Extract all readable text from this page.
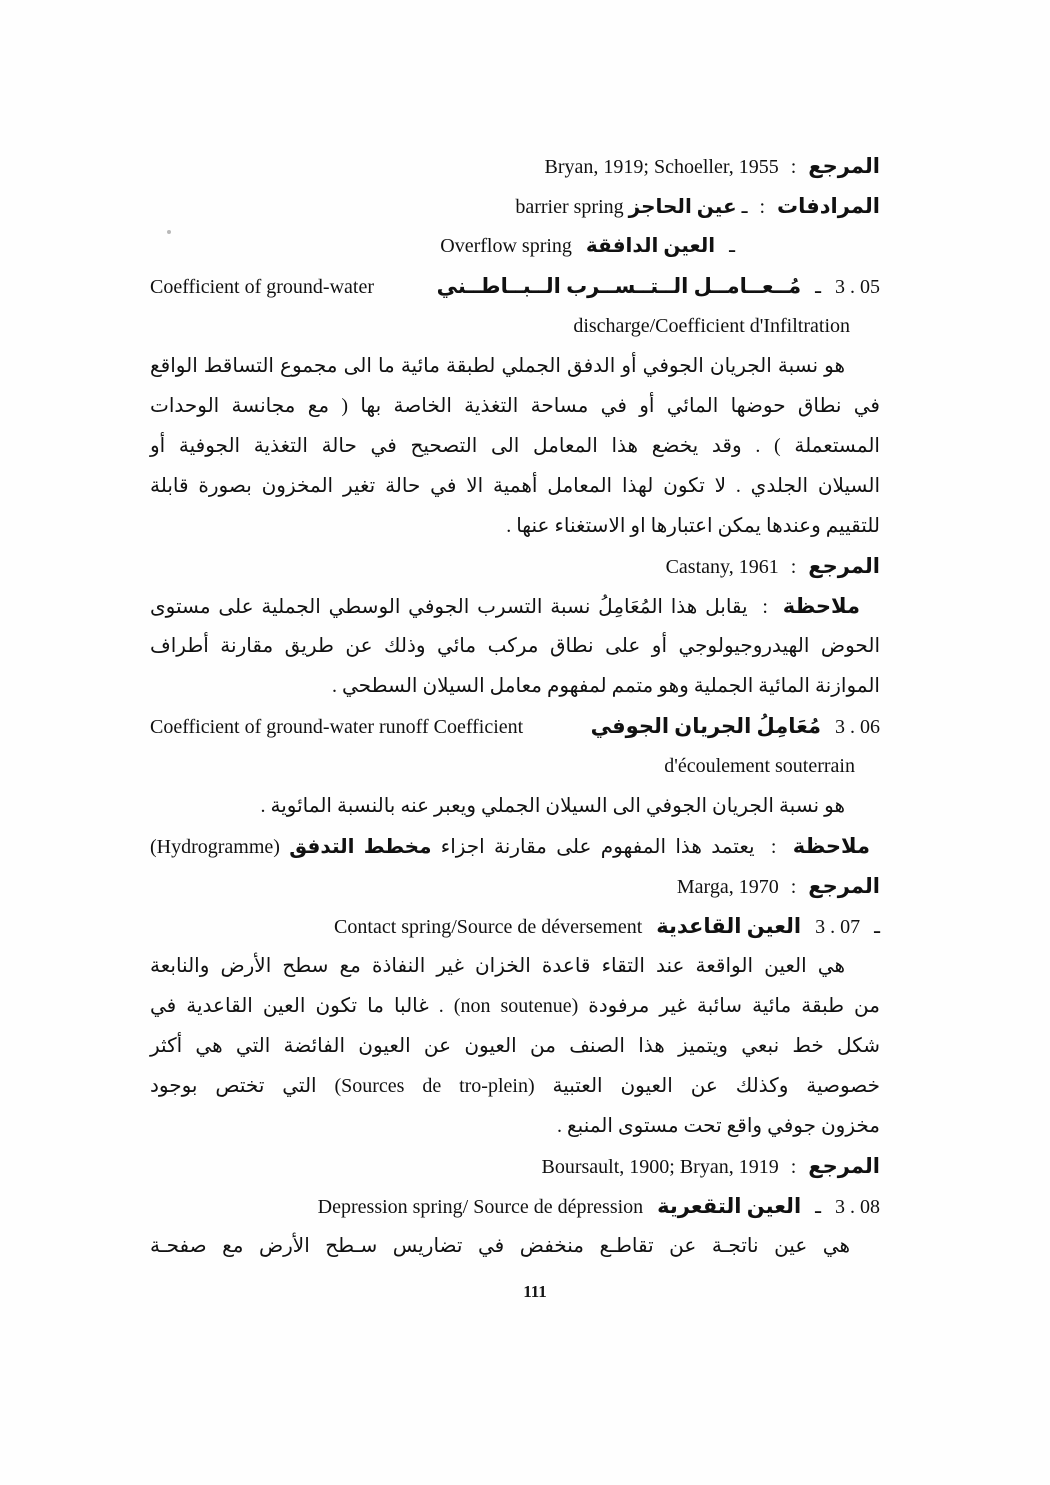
المرجع : Bryan, 1919; Schoeller, 1955
المرادفات : ـ عين الحاجز barrier spring
ـ العين الدافقة Overflow spring
3 . 05 ـ مُــعــامــل الــتــســرب الــبــاطــني
Coefficient of ground-water
discharge/Coefficient d'Infiltration
هو نسبة الجريان الجوفي أو الدفق الجملي لطبقة مائية ما الى مجموع التساقط الواقع
في نطاق حوضها المائي أو في مساحة التغذية الخاصة بها ( مع مجانسة الوحدات
المستعملة ) . وقد يخضع هذا المعامل الى التصحيح في حالة التغذية الجوفية أو
السيلان الجلدي . لا تكون لهذا المعامل أهمية الا في حالة تغير المخزون بصورة قابلة
للتقييم وعندها يمكن اعتبارها او الاستغناء عنها .
المرجع : Castany, 1961
ملاحظة : يقابل هذا المُعَامِلُ نسبة التسرب الجوفي الوسطي الجملية على مستوى
الحوض الهيدروجيولوجي أو على نطاق مركب مائي وذلك عن طريق مقارنة أطراف
الموازنة المائية الجملية وهو متمم لمفهوم معامل السيلان السطحي .
3 . 06 مُعَامِلُ الجريان الجوفي
Coefficient of ground-water runoff Coefficient
d'écoulement souterrain
هو نسبة الجريان الجوفي الى السيلان الجملي ويعبر عنه بالنسبة المائوية .
ملاحظة : يعتمد هذا المفهوم على مقارنة اجزاء مخطط التدفق (Hydrogramme)
المرجع : Marga, 1970
ـ 3 . 07 العين القاعدية Contact spring/Source de déversement
هي العين الواقعة عند التقاء قاعدة الخزان غير النفاذة مع سطح الأرض والنابعة
من طبقة مائية سائبة غير مرفودة (non soutenue) . غالبا ما تكون العين القاعدية في
شكل خط نبعي ويتميز هذا الصنف من العيون عن العيون الفائضة التي هي أكثر
خصوصية وكذلك عن العيون العتبية (Sources de tro-plein) التي تختص بوجود
مخزون جوفي واقع تحت مستوى المنبع .
المرجع : Boursault, 1900; Bryan, 1919
3 . 08 ـ العين التقعرية Depression spring/ Source de dépression
هي عين ناتجـة عن تقاطـع منخفض في تضاريس سـطح الأرض مع صفحـة
111
